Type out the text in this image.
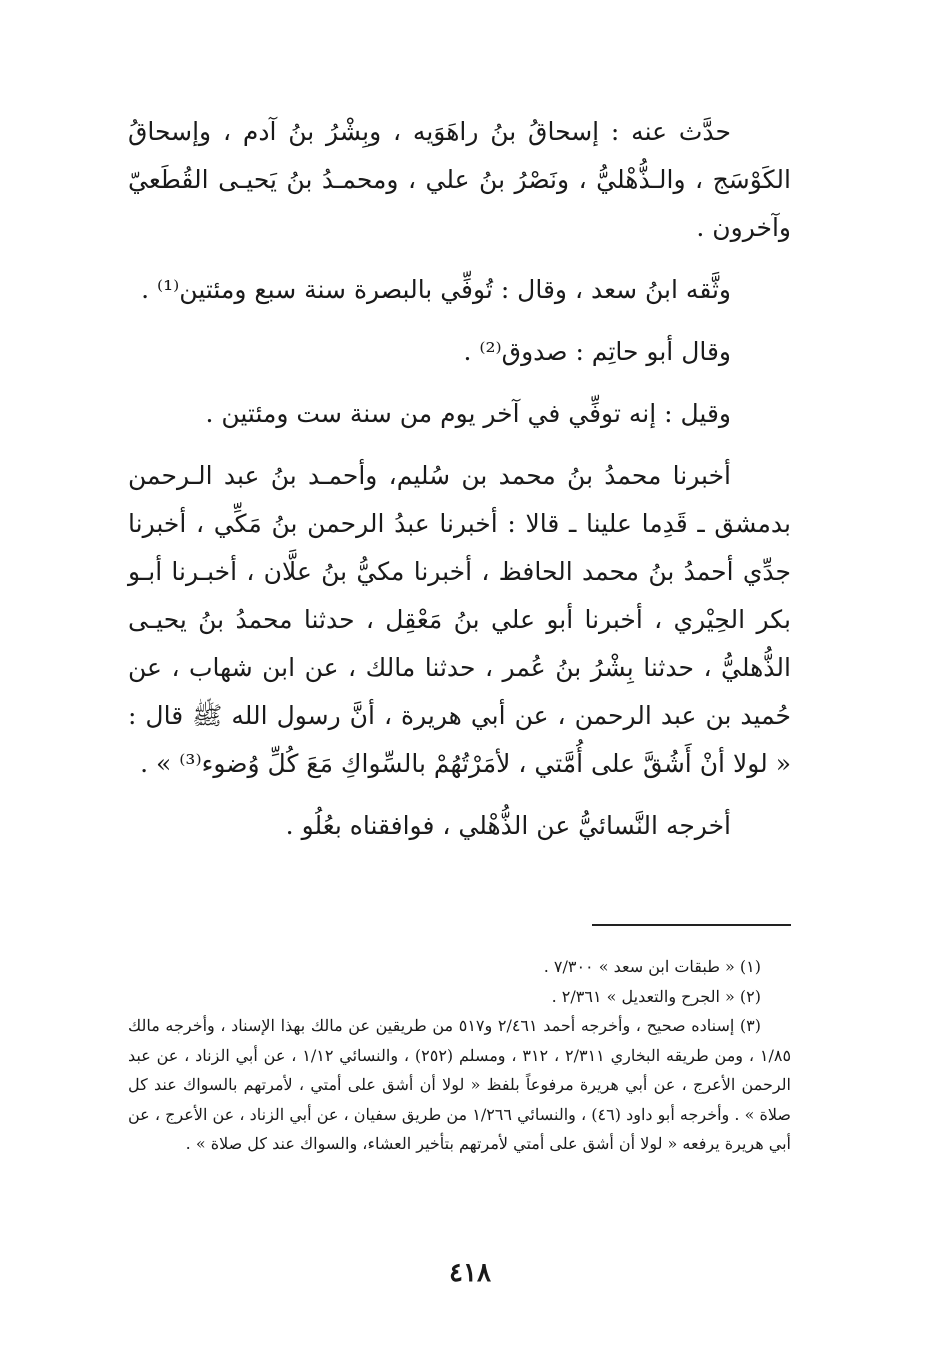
حدَّث عنه : إسحاقُ بنُ راهَوَيه ، وبِشْرُ بنُ آدم ، وإسحاقُ الكَوْسَج ، والـذُّهْليُّ ، ونَصْرُ بنُ علي ، ومحمـدُ بنُ يَحيـى القُطَعيّ وآخرون .

وثَّقه ابنُ سعد ، وقال : تُوفِّي بالبصرة سنة سبع ومئتين⁽¹⁾ .

وقال أبو حاتِم : صدوق⁽²⁾ .

وقيل : إنه توفِّي في آخر يوم من سنة ست ومئتين .

أخبرنا محمدُ بنُ محمد بن سُليم، وأحمـد بنُ عبد الـرحمن بدمشق ـ قَدِما علينا ـ قالا : أخبرنا عبدُ الرحمن بنُ مَكِّي ، أخبرنا جدِّي أحمدُ بنُ محمد الحافظ ، أخبرنا مكيُّ بنُ علَّان ، أخبـرنا أبـو بكر الحِيْري ، أخبرنا أبو علي بنُ مَعْقِل ، حدثنا محمدُ بنُ يحيـى الذُّهليُّ ، حدثنا بِشْرُ بنُ عُمر ، حدثنا مالك ، عن ابن شهاب ، عن حُميد بن عبد الرحمن ، عن أبي هريرة ، أنَّ رسول الله ﷺ قال : « لولا أنْ أَشُقَّ على أُمَّتي ، لأمَرْتُهُمْ بالسِّواكِ مَعَ كُلِّ وُضوء⁽³⁾ » .

أخرجه النَّسائيُّ عن الذُّهْلي ، فوافقناه بعُلُو .

(١) « طبقات ابن سعد » ٧/٣٠٠ .

(٢) « الجرح والتعديل » ٢/٣٦١ .

(٣) إسناده صحيح ، وأخرجه أحمد ٢/٤٦١ و٥١٧ من طريقين عن مالك بهذا الإسناد ، وأخرجه مالك ١/٨٥ ، ومن طريقه البخاري ٢/٣١١ ، ٣١٢ ، ومسلم (٢٥٢) ، والنسائي ١/١٢ ، عن أبي الزناد ، عن عبد الرحمن الأعرج ، عن أبي هريرة مرفوعاً بلفظ « لولا أن أشق على أمتي ، لأمرتهم بالسواك عند كل صلاة » . وأخرجه أبو داود (٤٦) ، والنسائي ١/٢٦٦ من طريق سفيان ، عن أبي الزناد ، عن الأعرج ، عن أبي هريرة يرفعه « لولا أن أشق على أمتي لأمرتهم بتأخير العشاء، والسواك عند كل صلاة » .

٤١٨
